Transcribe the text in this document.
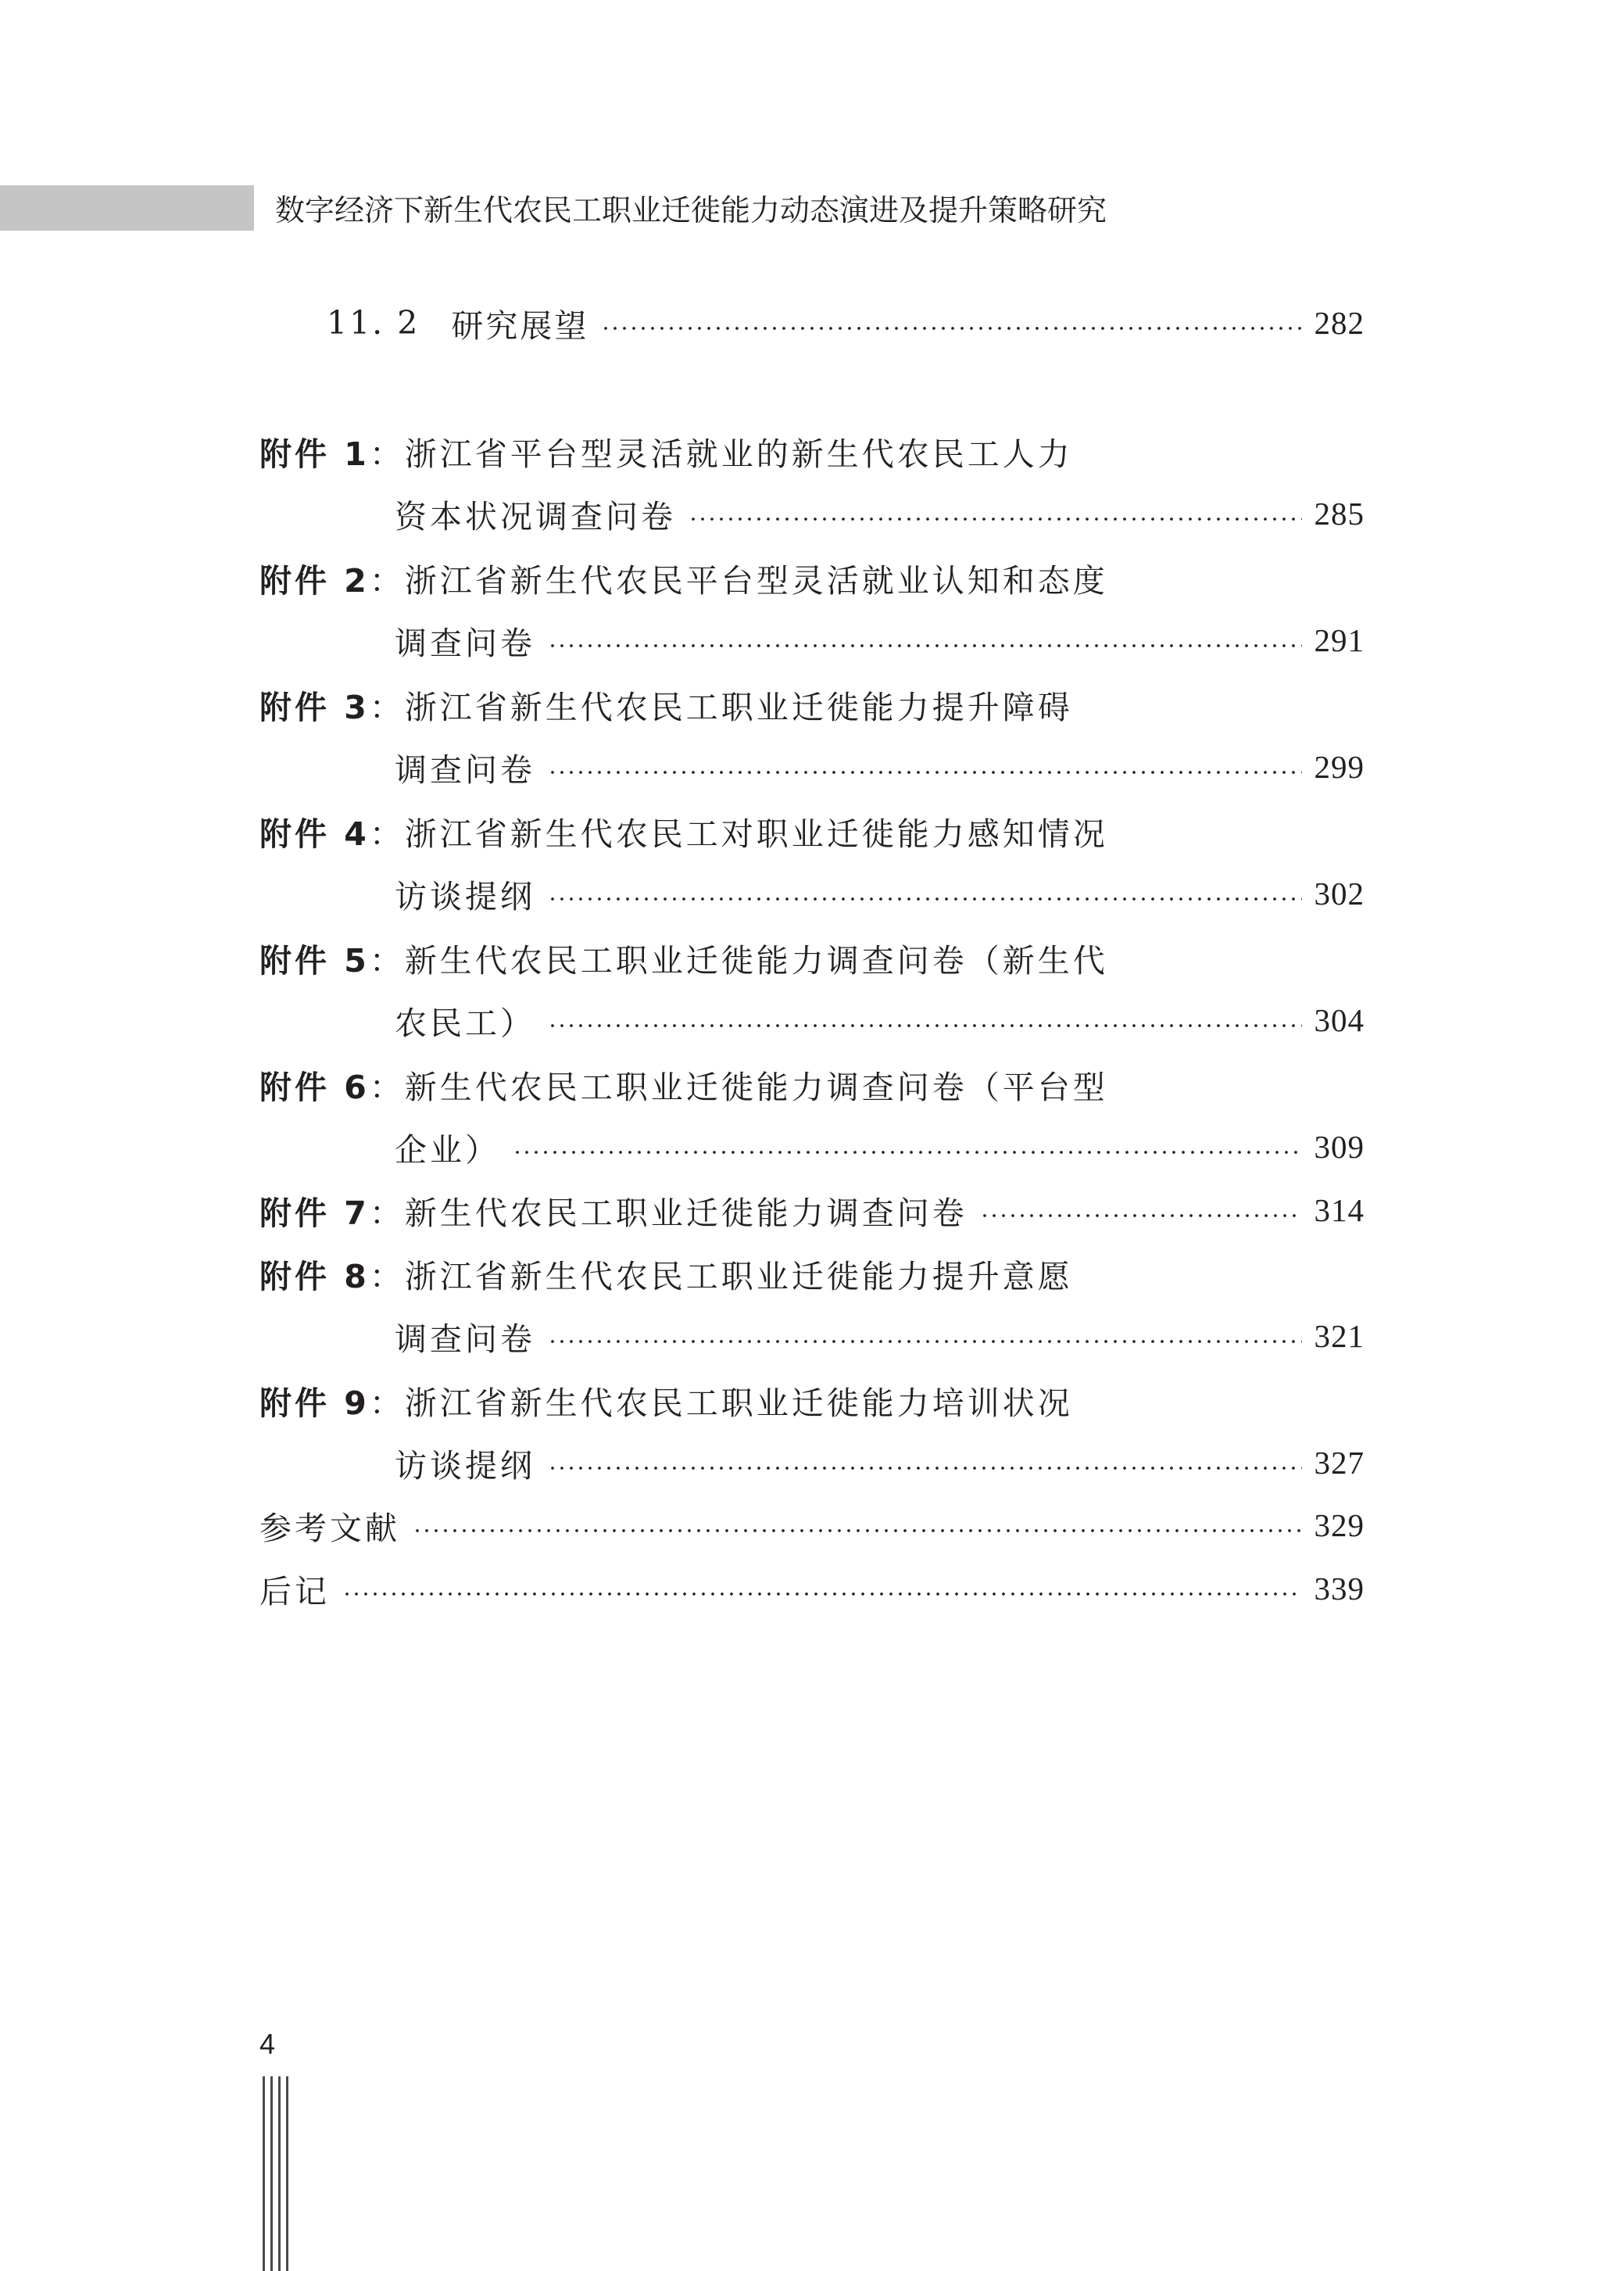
数字经济下新生代农民工职业迁徙能力动态演进及提升策略研究
11. 2 研究展望	282
附件 1： 浙江省平台型灵活就业的新生代农民工人力
资本状况调查问卷	285
附件 2： 浙江省新生代农民平台型灵活就业认知和态度
调查问卷	291
附件 3： 浙江省新生代农民工职业迁徙能力提升障碍
调查问卷	299
附件 4： 浙江省新生代农民工对职业迁徙能力感知情况
访谈提纲	302
附件 5： 新生代农民工职业迁徙能力调查问卷（新生代
农民工）	304
附件 6： 新生代农民工职业迁徙能力调查问卷（平台型
企业）	309
附件 7： 新生代农民工职业迁徙能力调查问卷	314
附件 8： 浙江省新生代农民工职业迁徙能力提升意愿
调查问卷	321
附件 9： 浙江省新生代农民工职业迁徙能力培训状况
访谈提纲	327
参考文献	329
后记	339
4
